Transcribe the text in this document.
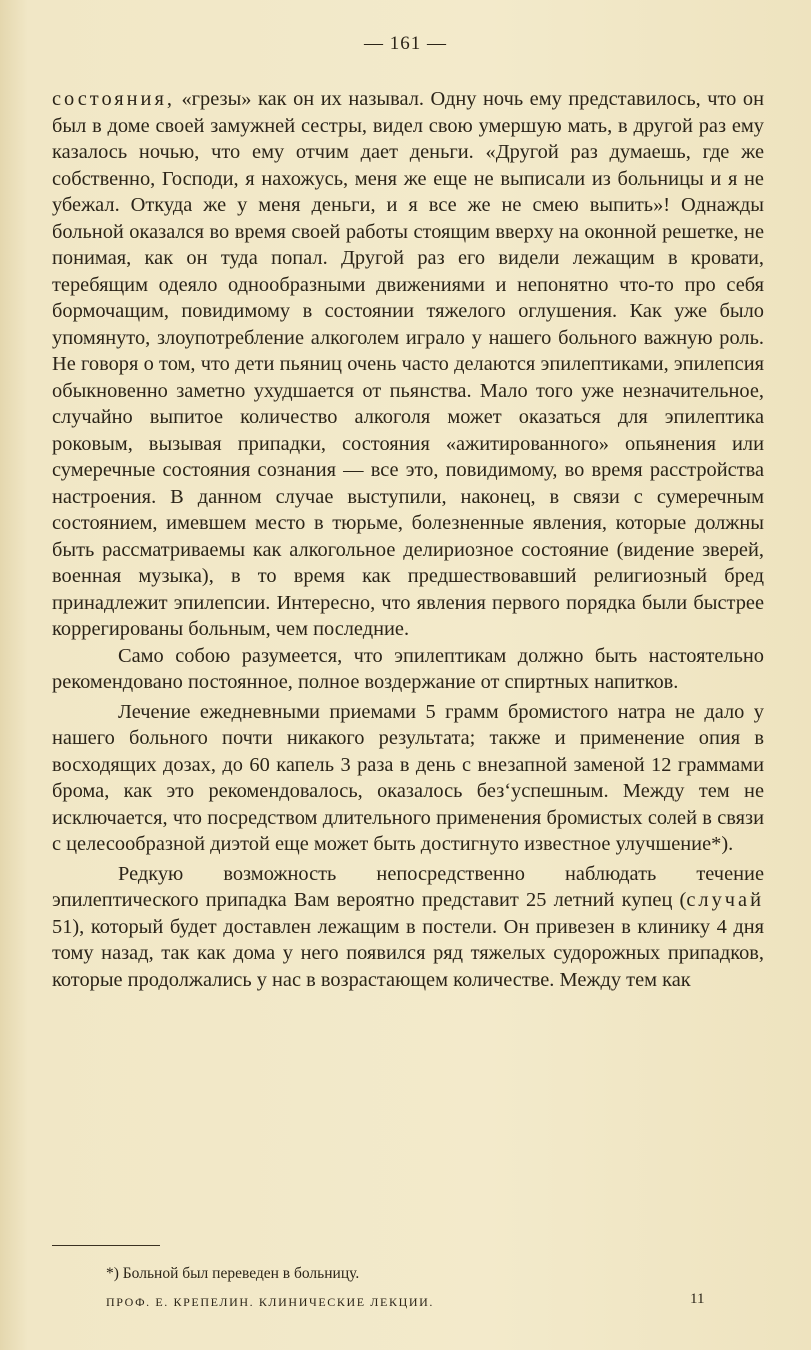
— 161 —

состояния, «грезы» как он их называл. Одну ночь ему представилось, что он был в доме своей замужней сестры, видел свою умершую мать, в другой раз ему казалось ночью, что ему отчим дает деньги. «Другой раз думаешь, где же собственно, Господи, я нахожусь, меня же еще не выписали из больницы и я не убежал. Откуда же у меня деньги, и я все же не смею выпить»! Однажды больной оказался во время своей работы стоящим вверху на оконной решетке, не понимая, как он туда попал. Другой раз его видели лежащим в кровати, теребящим одеяло однообразными движениями и непонятно что-то про себя бормочащим, повидимому в состоянии тяжелого оглушения. Как уже было упомянуто, злоупотребление алкоголем играло у нашего больного важную роль. Не говоря о том, что дети пьяниц очень часто делаются эпилептиками, эпилепсия обыкновенно заметно ухудшается от пьянства. Мало того уже незначительное, случайно выпитое количество алкоголя может оказаться для эпилептика роковым, вызывая припадки, состояния «ажитированного» опьянения или сумеречные состояния сознания — все это, повидимому, во время расстройства настроения. В данном случае выступили, наконец, в связи с сумеречным состоянием, имевшем место в тюрьме, болезненные явления, которые должны быть рассматриваемы как алкогольное делириозное состояние (видение зверей, военная музыка), в то время как предшествовавший религиозный бред принадлежит эпилепсии. Интересно, что явления первого порядка были быстрее коррегированы больным, чем последние.

Само собою разумеется, что эпилептикам должно быть настоятельно рекомендовано постоянное, полное воздержание от спиртных напитков.

Лечение ежедневными приемами 5 грамм бромистого натра не дало у нашего больного почти никакого результата; также и применение опия в восходящих дозах, до 60 капель 3 раза в день с внезапной заменой 12 граммами брома, как это рекомендовалось, оказалось без‘успешным. Между тем не исключается, что посредством длительного применения бромистых солей в связи с целесообразной диэтой еще может быть достигнуто известное улучшение*).

Редкую возможность непосредственно наблюдать течение эпилептического припадка Вам вероятно представит 25 летний купец (случай 51), который будет доставлен лежащим в постели. Он привезен в клинику 4 дня тому назад, так как дома у него появился ряд тяжелых судорожных припадков, которые продолжались у нас в возрастающем количестве. Между тем как

*) Больной был переведен в больницу.
ПРОФ. Е. КРЕПЕЛИН. КЛИНИЧЕСКИЕ ЛЕКЦИИ.	11
